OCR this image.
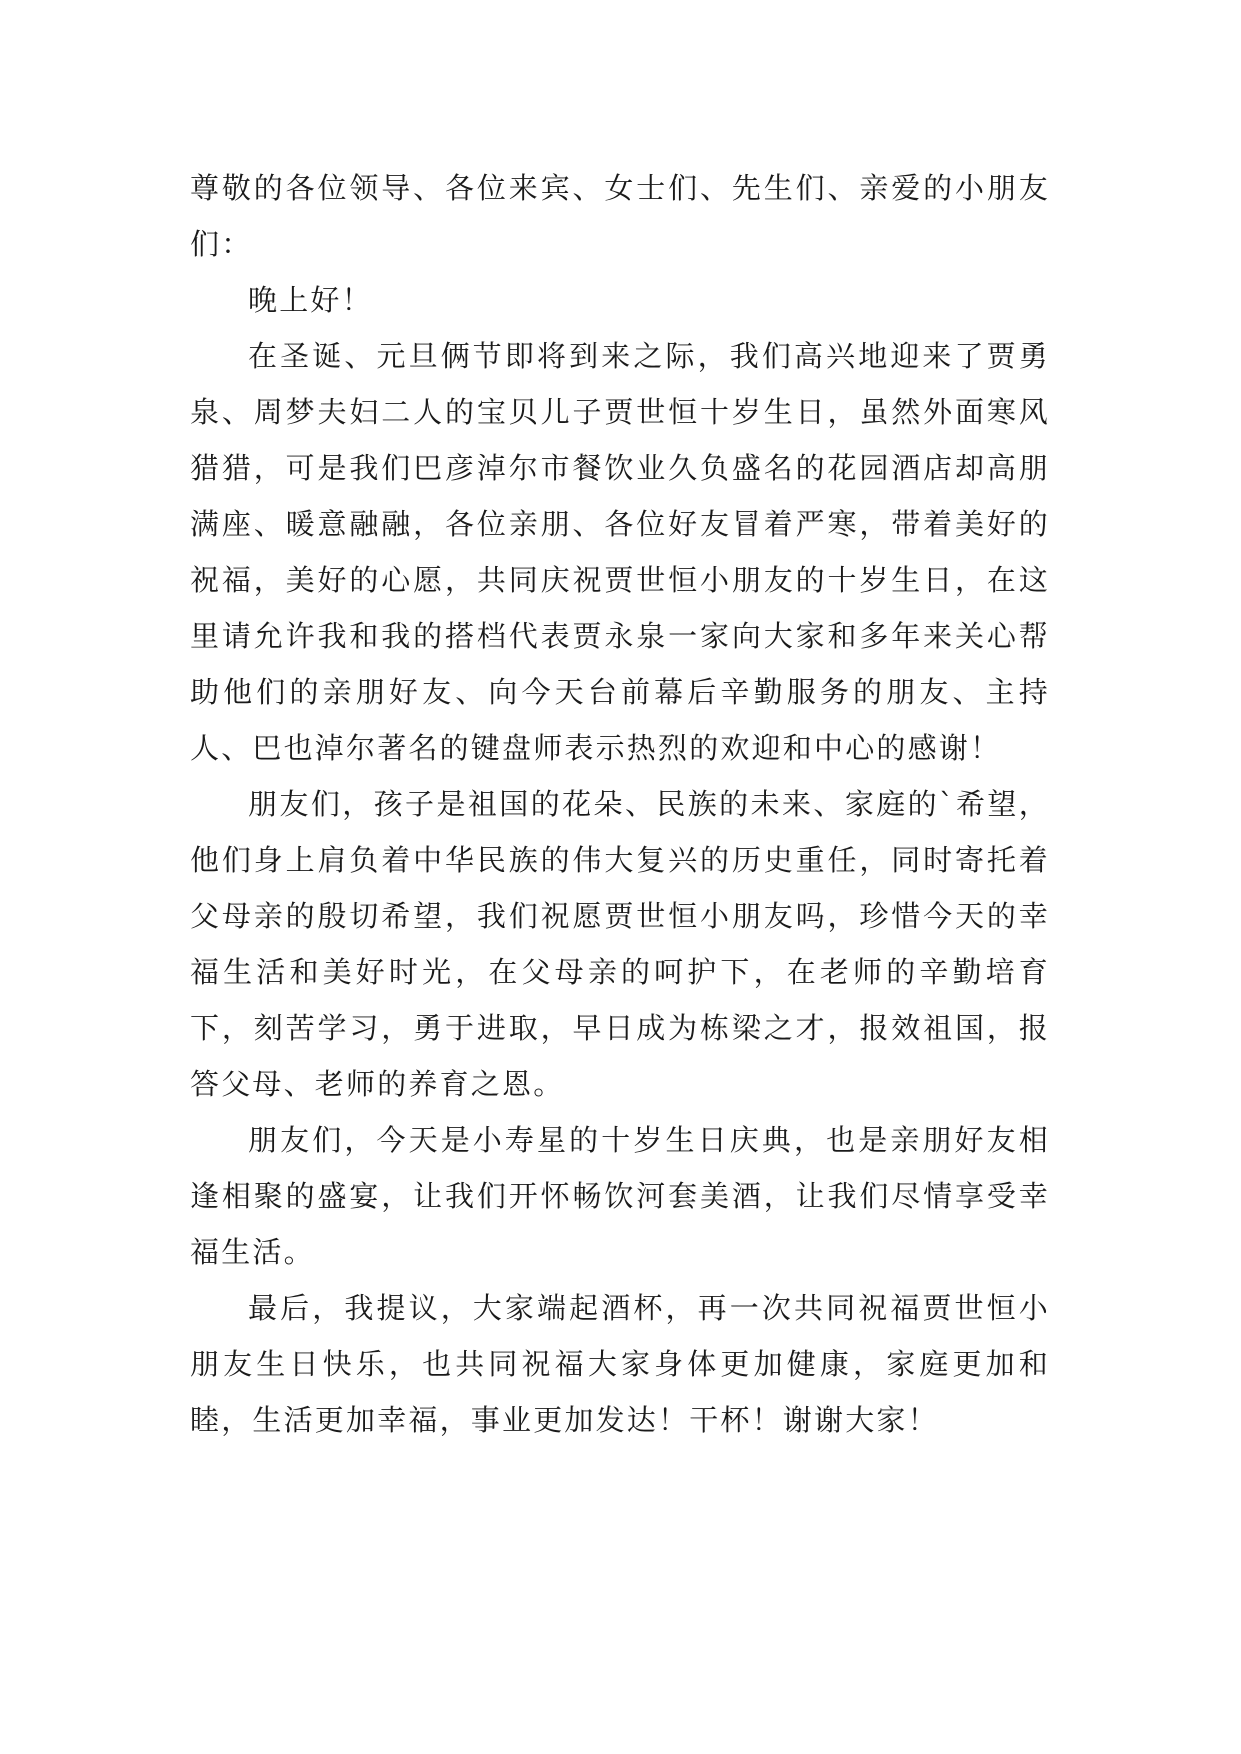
尊敬的各位领导、各位来宾、女士们、先生们、亲爱的小朋友们：

晚上好！

在圣诞、元旦俩节即将到来之际，我们高兴地迎来了贾勇泉、周梦夫妇二人的宝贝儿子贾世恒十岁生日，虽然外面寒风猎猎，可是我们巴彦淖尔市餐饮业久负盛名的花园酒店却高朋满座、暖意融融，各位亲朋、各位好友冒着严寒，带着美好的祝福，美好的心愿，共同庆祝贾世恒小朋友的十岁生日，在这里请允许我和我的搭档代表贾永泉一家向大家和多年来关心帮助他们的亲朋好友、向今天台前幕后辛勤服务的朋友、主持人、巴也淖尔著名的键盘师表示热烈的欢迎和中心的感谢！

朋友们，孩子是祖国的花朵、民族的未来、家庭的`希望，他们身上肩负着中华民族的伟大复兴的历史重任，同时寄托着父母亲的殷切希望，我们祝愿贾世恒小朋友吗，珍惜今天的幸福生活和美好时光，在父母亲的呵护下，在老师的辛勤培育下，刻苦学习，勇于进取，早日成为栋梁之才，报效祖国，报答父母、老师的养育之恩。

朋友们，今天是小寿星的十岁生日庆典，也是亲朋好友相逢相聚的盛宴，让我们开怀畅饮河套美酒，让我们尽情享受幸福生活。

最后，我提议，大家端起酒杯，再一次共同祝福贾世恒小朋友生日快乐，也共同祝福大家身体更加健康，家庭更加和睦，生活更加幸福，事业更加发达！干杯！谢谢大家！
